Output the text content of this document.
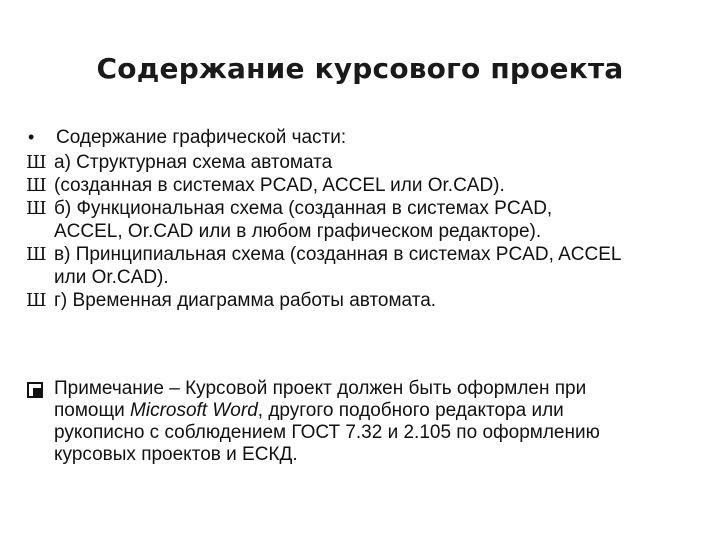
Содержание курсового проекта
•	Содержание графической части:
Ш а) Структурная схема автомата
Ш (созданная в системах PCAD, ACCEL или Or.CAD).
Ш б) Функциональная схема (созданная в системах PCAD,
ACCEL, Or.CAD или в любом графическом редакторе).
Ш в) Принципиальная схема (созданная в системах PCAD, ACCEL
или Or.CAD).
Ш г) Временная диаграмма работы автомата.
Примечание – Курсовой проект должен быть оформлен при
помощи Microsoft Word, другого подобного редактора или
рукописно с соблюдением ГОСТ 7.32 и 2.105 по оформлению
курсовых проектов и ЕСКД.
